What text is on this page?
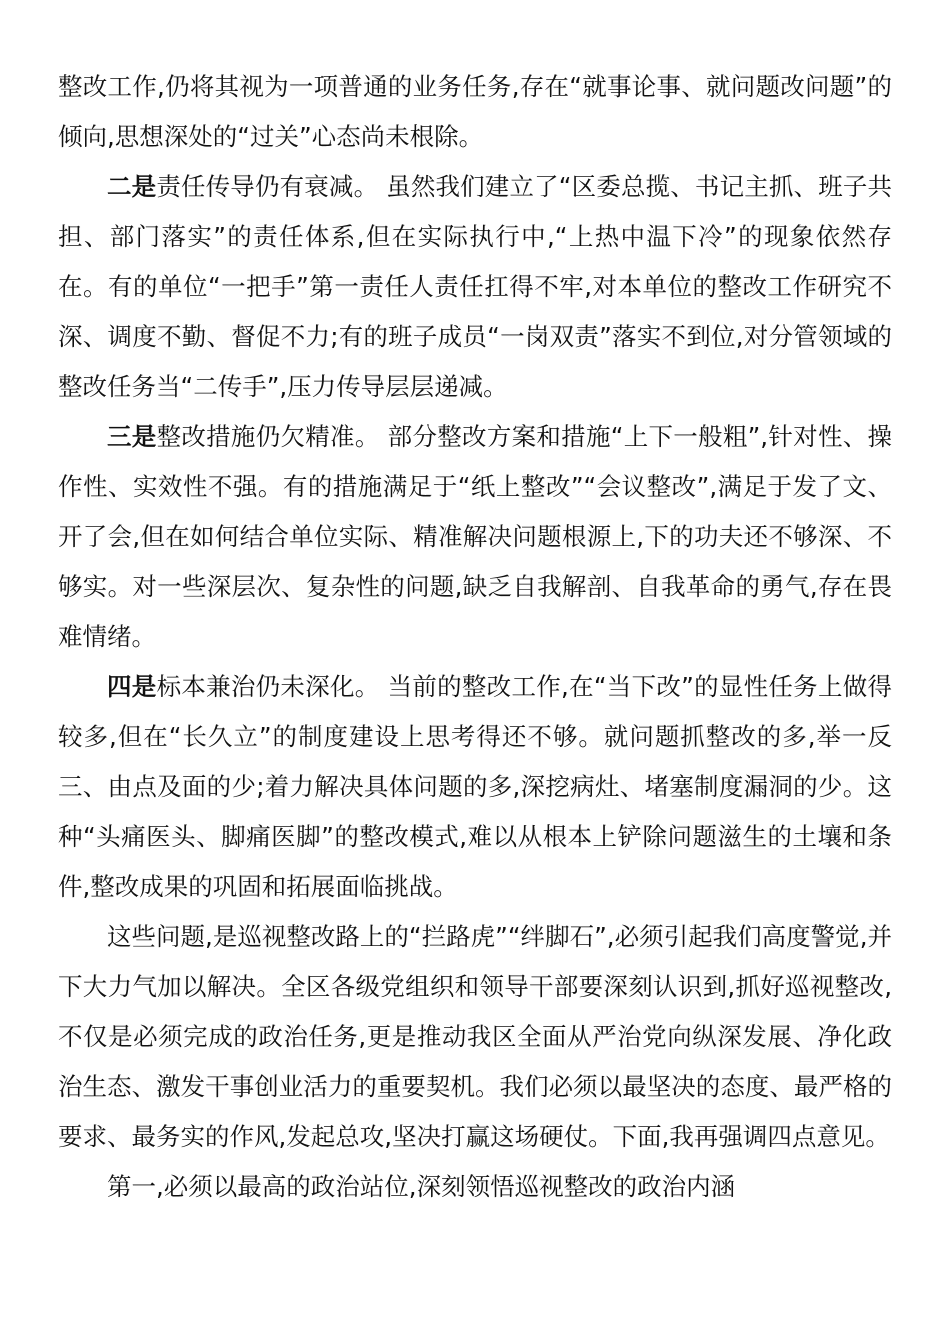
整改工作,仍将其视为一项普通的业务任务,存在“就事论事、就问题改问题”的倾向,思想深处的“过关”心态尚未根除。

二是责任传导仍有衰减。 虽然我们建立了“区委总揽、书记主抓、班子共担、部门落实”的责任体系,但在实际执行中,“上热中温下冷”的现象依然存在。有的单位“一把手”第一责任人责任扛得不牢,对本单位的整改工作研究不深、调度不勤、督促不力;有的班子成员“一岗双责”落实不到位,对分管领域的整改任务当“二传手”,压力传导层层递减。

三是整改措施仍欠精准。 部分整改方案和措施“上下一般粗”,针对性、操作性、实效性不强。有的措施满足于“纸上整改”“会议整改”,满足于发了文、开了会,但在如何结合单位实际、精准解决问题根源上,下的功夫还不够深、不够实。对一些深层次、复杂性的问题,缺乏自我解剖、自我革命的勇气,存在畏难情绪。

四是标本兼治仍未深化。 当前的整改工作,在“当下改”的显性任务上做得较多,但在“长久立”的制度建设上思考得还不够。就问题抓整改的多,举一反三、由点及面的少;着力解决具体问题的多,深挖病灶、堵塞制度漏洞的少。这种“头痛医头、脚痛医脚”的整改模式,难以从根本上铲除问题滋生的土壤和条件,整改成果的巩固和拓展面临挑战。

这些问题,是巡视整改路上的“拦路虎”“绊脚石”,必须引起我们高度警觉,并下大力气加以解决。全区各级党组织和领导干部要深刻认识到,抓好巡视整改,不仅是必须完成的政治任务,更是推动我区全面从严治党向纵深发展、净化政治生态、激发干事创业活力的重要契机。我们必须以最坚决的态度、最严格的要求、最务实的作风,发起总攻,坚决打赢这场硬仗。下面,我再强调四点意见。

第一,必须以最高的政治站位,深刻领悟巡视整改的政治内涵
